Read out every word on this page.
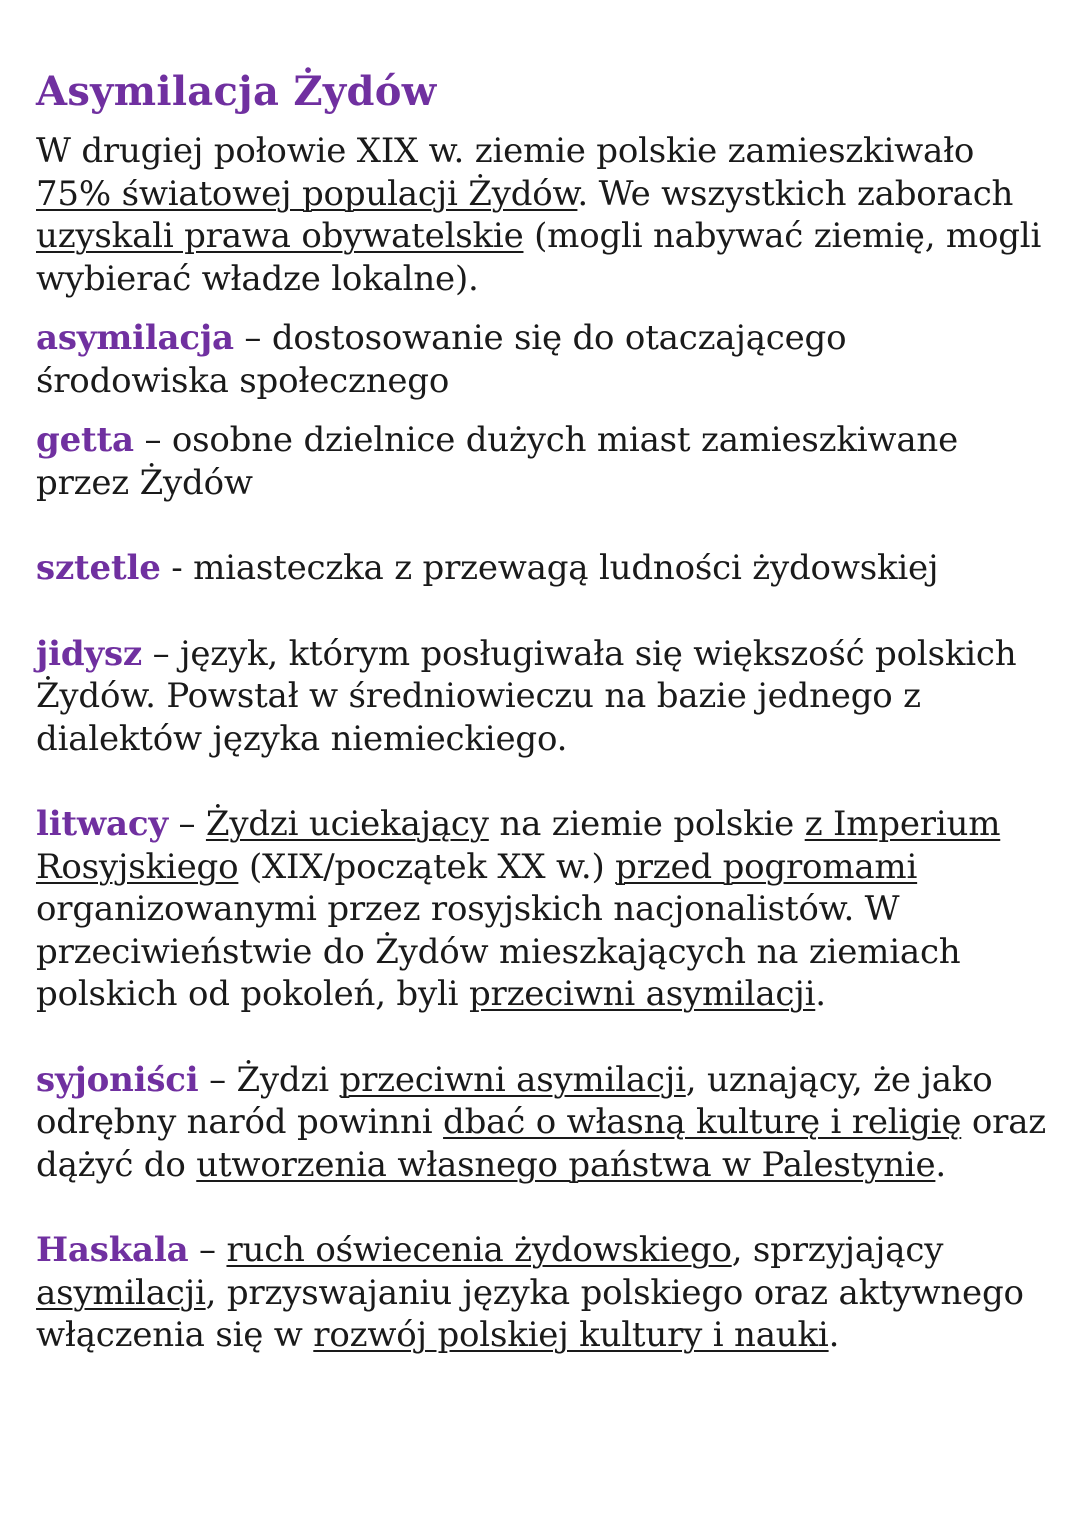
Asymilacja Żydów

W drugiej połowie XIX w. ziemie polskie zamieszkiwało 75% światowej populacji Żydów. We wszystkich zaborach uzyskali prawa obywatelskie (mogli nabywać ziemię, mogli wybierać władze lokalne).

asymilacja – dostosowanie się do otaczającego środowiska społecznego

getta – osobne dzielnice dużych miast zamieszkiwane przez Żydów

sztetle - miasteczka z przewagą ludności żydowskiej

jidysz – język, którym posługiwała się większość polskich Żydów. Powstał w średniowieczu na bazie jednego z dialektów języka niemieckiego.

litwacy – Żydzi uciekający na ziemie polskie z Imperium Rosyjskiego (XIX/początek XX w.) przed pogromami organizowanymi przez rosyjskich nacjonalistów. W przeciwieństwie do Żydów mieszkających na ziemiach polskich od pokoleń, byli przeciwni asymilacji.

syjoniści – Żydzi przeciwni asymilacji, uznający, że jako odrębny naród powinni dbać o własną kulturę i religię oraz dążyć do utworzenia własnego państwa w Palestynie.

Haskala – ruch oświecenia żydowskiego, sprzyjający asymilacji, przyswajaniu języka polskiego oraz aktywnego włączenia się w rozwój polskiej kultury i nauki.
